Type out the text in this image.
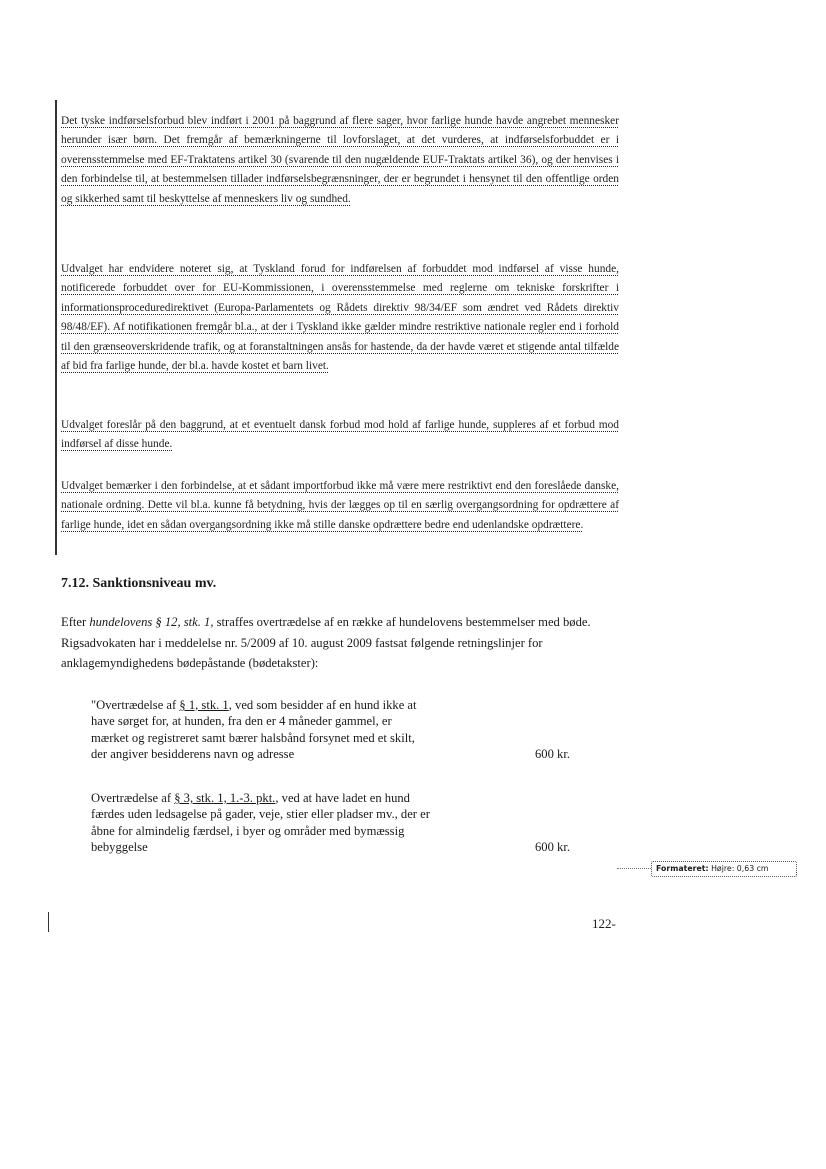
Det tyske indførselsforbud blev indført i 2001 på baggrund af flere sager, hvor farlige hunde havde angrebet mennesker herunder især børn. Det fremgår af bemærkningerne til lovforslaget, at det vurderes, at indførselsforbuddet er i overensstemmelse med EF-Traktatens artikel 30 (svarende til den nugældende EUF-Traktats artikel 36), og der henvises i den forbindelse til, at bestemmelsen tillader indførselsbegrænsninger, der er begrundet i hensynet til den offentlige orden og sikkerhed samt til beskyttelse af menneskers liv og sundhed.

Udvalget har endvidere noteret sig, at Tyskland forud for indførelsen af forbuddet mod indførsel af visse hunde, notificerede forbuddet over for EU-Kommissionen, i overensstemmelse med reglerne om tekniske forskrifter i informationsproceduredirektivet (Europa-Parlamentets og Rådets direktiv 98/34/EF som ændret ved Rådets direktiv 98/48/EF). Af notifikationen fremgår bl.a., at der i Tyskland ikke gælder mindre restriktive nationale regler end i forhold til den grænseoverskridende trafik, og at foranstaltningen ansås for hastende, da der havde været et stigende antal tilfælde af bid fra farlige hunde, der bl.a. havde kostet et barn livet.

Udvalget foreslår på den baggrund, at et eventuelt dansk forbud mod hold af farlige hunde, suppleres af et forbud mod indførsel af disse hunde.

Udvalget bemærker i den forbindelse, at et sådant importforbud ikke må være mere restriktivt end den foreslåede danske, nationale ordning. Dette vil bl.a. kunne få betydning, hvis der lægges op til en særlig overgangsordning for opdrættere af farlige hunde, idet en sådan overgangsordning ikke må stille danske opdrættere bedre end udenlandske opdrættere.

7.12. Sanktionsniveau mv.

Efter hundelovens § 12, stk. 1, straffes overtrædelse af en række af hundelovens bestemmelser med bøde. Rigsadvokaten har i meddelelse nr. 5/2009 af 10. august 2009 fastsat følgende retningslinjer for anklagemyndighedens bødepåstande (bødetakster):

"Overtrædelse af § 1, stk. 1, ved som besidder af en hund ikke at have sørget for, at hunden, fra den er 4 måneder gammel, er mærket og registreret samt bærer halsbånd forsynet med et skilt, der angiver besidderens navn og adresse	600 kr.
Overtrædelse af § 3, stk. 1, 1.-3. pkt., ved at have ladet en hund færdes uden ledsagelse på gader, veje, stier eller pladser mv., der er åbne for almindelig færdsel, i byer og områder med bymæssig bebyggelse	600 kr.
Formateret: Højre: 0,63 cm
122-
